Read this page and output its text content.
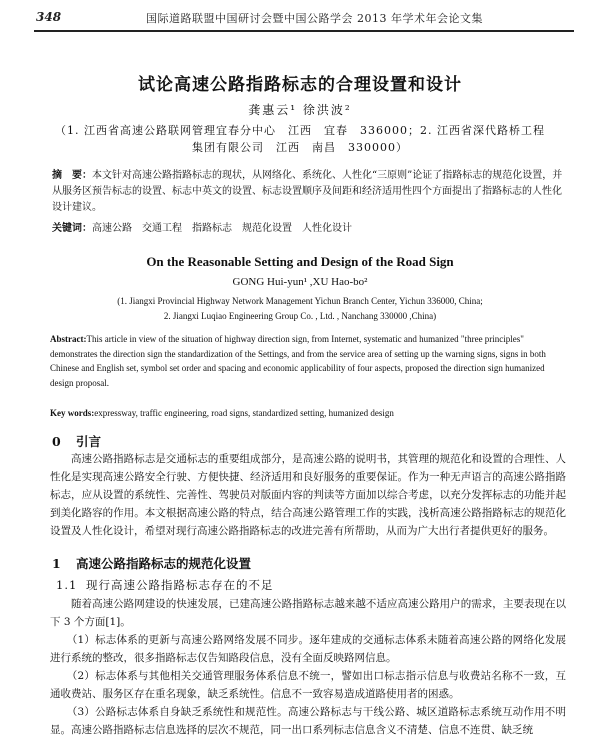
348	国际道路联盟中国研讨会暨中国公路学会 2013 年学术年会论文集
试论高速公路指路标志的合理设置和设计
龚惠云¹ 徐洪波²
（1. 江西省高速公路联网管理宜春分中心　江西　宜春　336000；2. 江西省深代路桥工程
集团有限公司　江西　南昌　330000）
摘　要：本文针对高速公路指路标志的现状，从网络化、系统化、人性化“三原则”论证了指路标志的规范化设置，并从服务区预告标志的设置、标志中英文的设置、标志设置顺序及间距和经济适用性四个方面提出了指路标志的人性化设计建议。
关键词：高速公路　交通工程　指路标志　规范化设置　人性化设计
On the Reasonable Setting and Design of the Road Sign
GONG Hui-yun¹ ,XU Hao-bo²
(1. Jiangxi Provincial Highway Network Management Yichun Branch Center, Yichun 336000, China;
2. Jiangxi Luqiao Engineering Group Co. , Ltd. , Nanchang 330000 ,China)
Abstract:This article in view of the situation of highway direction sign, from Internet, systematic and humanized "three principles" demonstrates the direction sign the standardization of the Settings, and from the service area of setting up the warning signs, signs in both Chinese and English set, symbol set order and spacing and economic applicability of four aspects, proposed the direction sign humanized design proposal.
Key words:expressway, traffic engineering, road signs, standardized setting, humanized design
0 引言
高速公路指路标志是交通标志的重要组成部分，是高速公路的说明书，其管理的规范化和设置的合理性、人性化是实现高速公路安全行驶、方便快捷、经济适用和良好服务的重要保证。作为一种无声语言的高速公路指路标志，应从设置的系统性、完善性、驾驶员对版面内容的判读等方面加以综合考虑，以充分发挥标志的功能并起到美化路容的作用。本文根据高速公路的特点，结合高速公路管理工作的实践，浅析高速公路指路标志的规范化设置及人性化设计，希望对现行高速公路指路标志的改进完善有所帮助，从而为广大出行者提供更好的服务。
1 高速公路指路标志的规范化设置
1.1 现行高速公路指路标志存在的不足
随着高速公路网建设的快速发展，已建高速公路指路标志越来越不适应高速公路用户的需求，主要表现在以下 3 个方面[1]。
（1）标志体系的更新与高速公路网络发展不同步。逐年建成的交通标志体系未随着高速公路的网络化发展进行系统的整改，很多指路标志仅告知路段信息，没有全面反映路网信息。
（2）标志体系与其他相关交通管理服务体系信息不统一，譬如出口标志指示信息与收费站名称不一致，互通收费站、服务区存在重名现象，缺乏系统性。信息不一致容易造成道路使用者的困惑。
（3）公路标志体系自身缺乏系统性和规范性。高速公路标志与干线公路、城区道路标志系统互动作用不明显。高速公路指路标志信息选择的层次不规范，同一出口系列标志信息含义不清楚、信息不连贯、缺乏统
